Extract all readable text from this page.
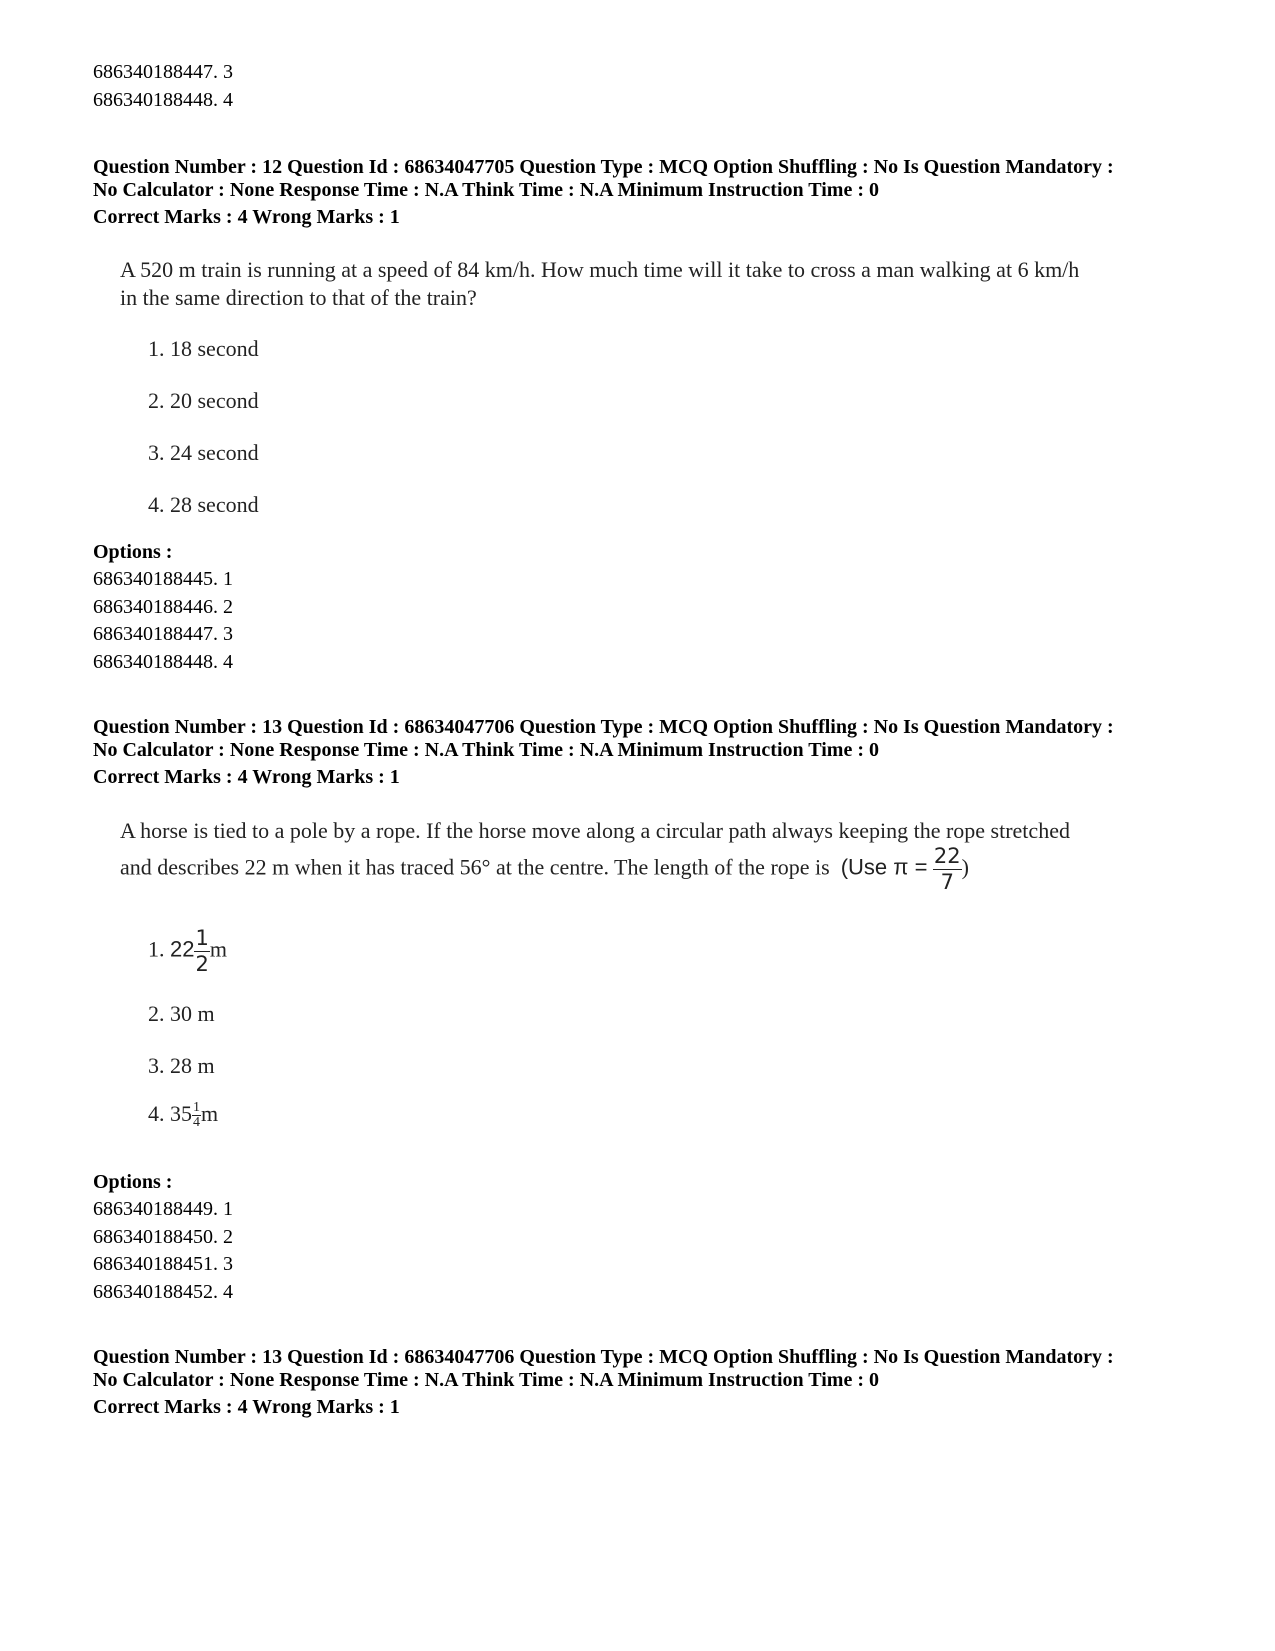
686340188447. 3
686340188448. 4
Question Number : 12 Question Id : 68634047705 Question Type : MCQ Option Shuffling : No Is Question Mandatory :
No Calculator : None Response Time : N.A Think Time : N.A Minimum Instruction Time : 0
Correct Marks : 4 Wrong Marks : 1
A 520 m train is running at a speed of 84 km/h. How much time will it take to cross a man walking at 6 km/h
in the same direction to that of the train?
1. 18 second
2. 20 second
3. 24 second
4. 28 second
Options :
686340188445. 1
686340188446. 2
686340188447. 3
686340188448. 4
Question Number : 13 Question Id : 68634047706 Question Type : MCQ Option Shuffling : No Is Question Mandatory :
No Calculator : None Response Time : N.A Think Time : N.A Minimum Instruction Time : 0
Correct Marks : 4 Wrong Marks : 1
A horse is tied to a pole by a rope. If the horse move along a circular path always keeping the rope stretched
and describes 22 m when it has traced 56° at the centre. The length of the rope is (Use $\pi = \frac{22}{7}$ )
1. $22 \frac{1}{2}$ m
2. 30 m
3. 28 m
4. $35 \frac{1}{4}$ m
Options :
686340188449. 1
686340188450. 2
686340188451. 3
686340188452. 4
Question Number : 13 Question Id : 68634047706 Question Type : MCQ Option Shuffling : No Is Question Mandatory :
No Calculator : None Response Time : N.A Think Time : N.A Minimum Instruction Time : 0
Correct Marks : 4 Wrong Marks : 1
